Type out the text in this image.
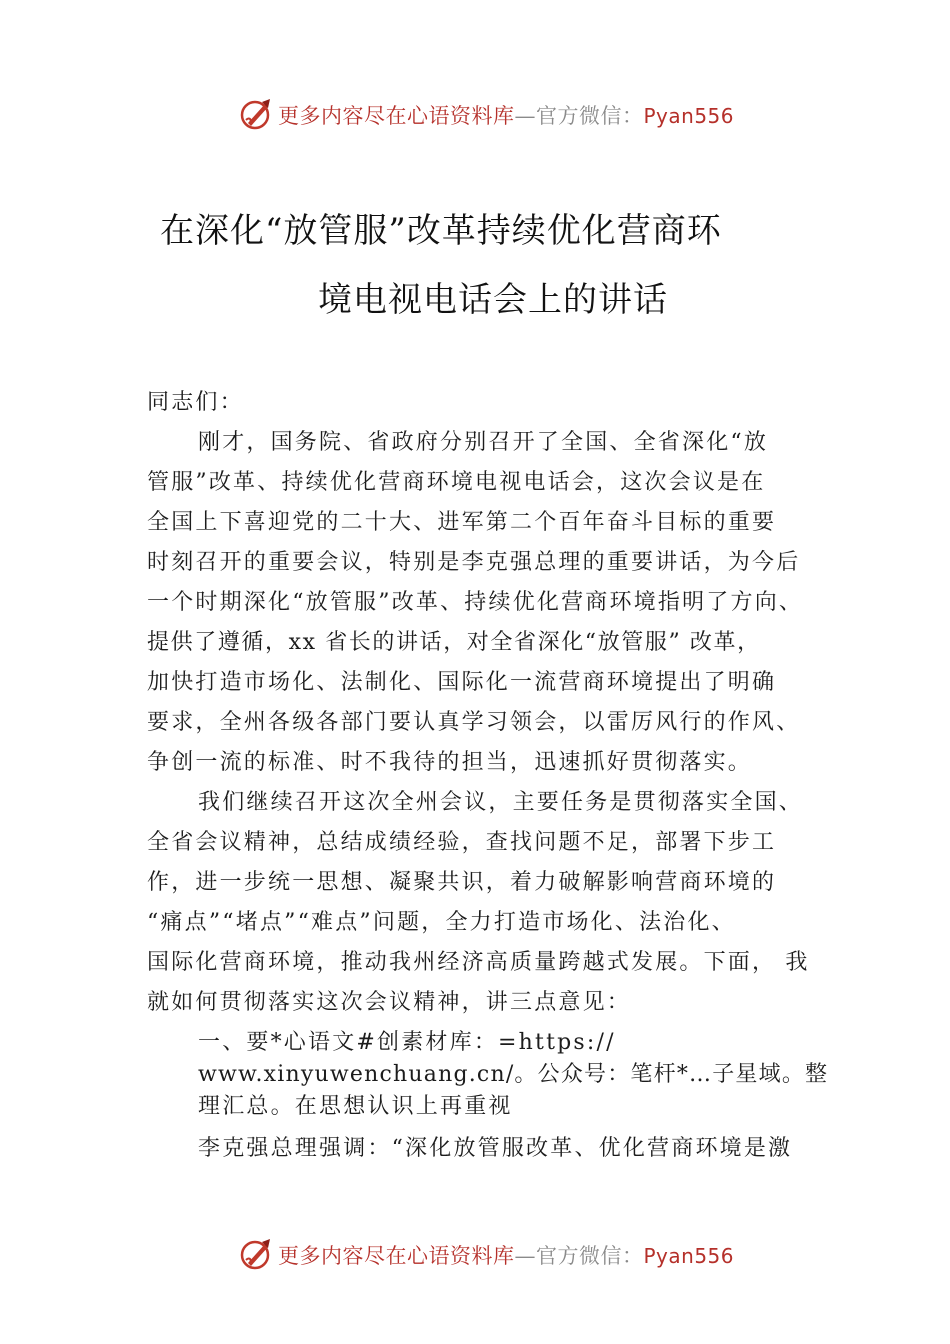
更多内容尽在心语资料库—官方微信：Pyan556
在深化“放管服”改革持续优化营商环
境电视电话会上的讲话
同志们：
刚才，国务院、省政府分别召开了全国、全省深化“放
管服”改革、持续优化营商环境电视电话会，这次会议是在
全国上下喜迎党的二十大、进军第二个百年奋斗目标的重要
时刻召开的重要会议，特别是李克强总理的重要讲话，为今后
一个时期深化“放管服”改革、持续优化营商环境指明了方向、
提供了遵循，xx 省长的讲话，对全省深化“放管服” 改革，
加快打造市场化、法制化、国际化一流营商环境提出了明确
要求，全州各级各部门要认真学习领会，以雷厉风行的作风、
争创一流的标准、时不我待的担当，迅速抓好贯彻落实。
我们继续召开这次全州会议，主要任务是贯彻落实全国、
全省会议精神，总结成绩经验，查找问题不足，部署下步工
作，进一步统一思想、凝聚共识，着力破解影响营商环境的
“痛点”“堵点”“难点”问题，全力打造市场化、法治化、
国际化营商环境，推动我州经济高质量跨越式发展。下面， 我
就如何贯彻落实这次会议精神，讲三点意见：
一、要*心语文#创素材库：=https://
www.xinyuwenchuang.cn/。公众号：笔杆*…子星域。整
理汇总。在思想认识上再重视
李克强总理强调：“深化放管服改革、优化营商环境是激
更多内容尽在心语资料库—官方微信：Pyan556
